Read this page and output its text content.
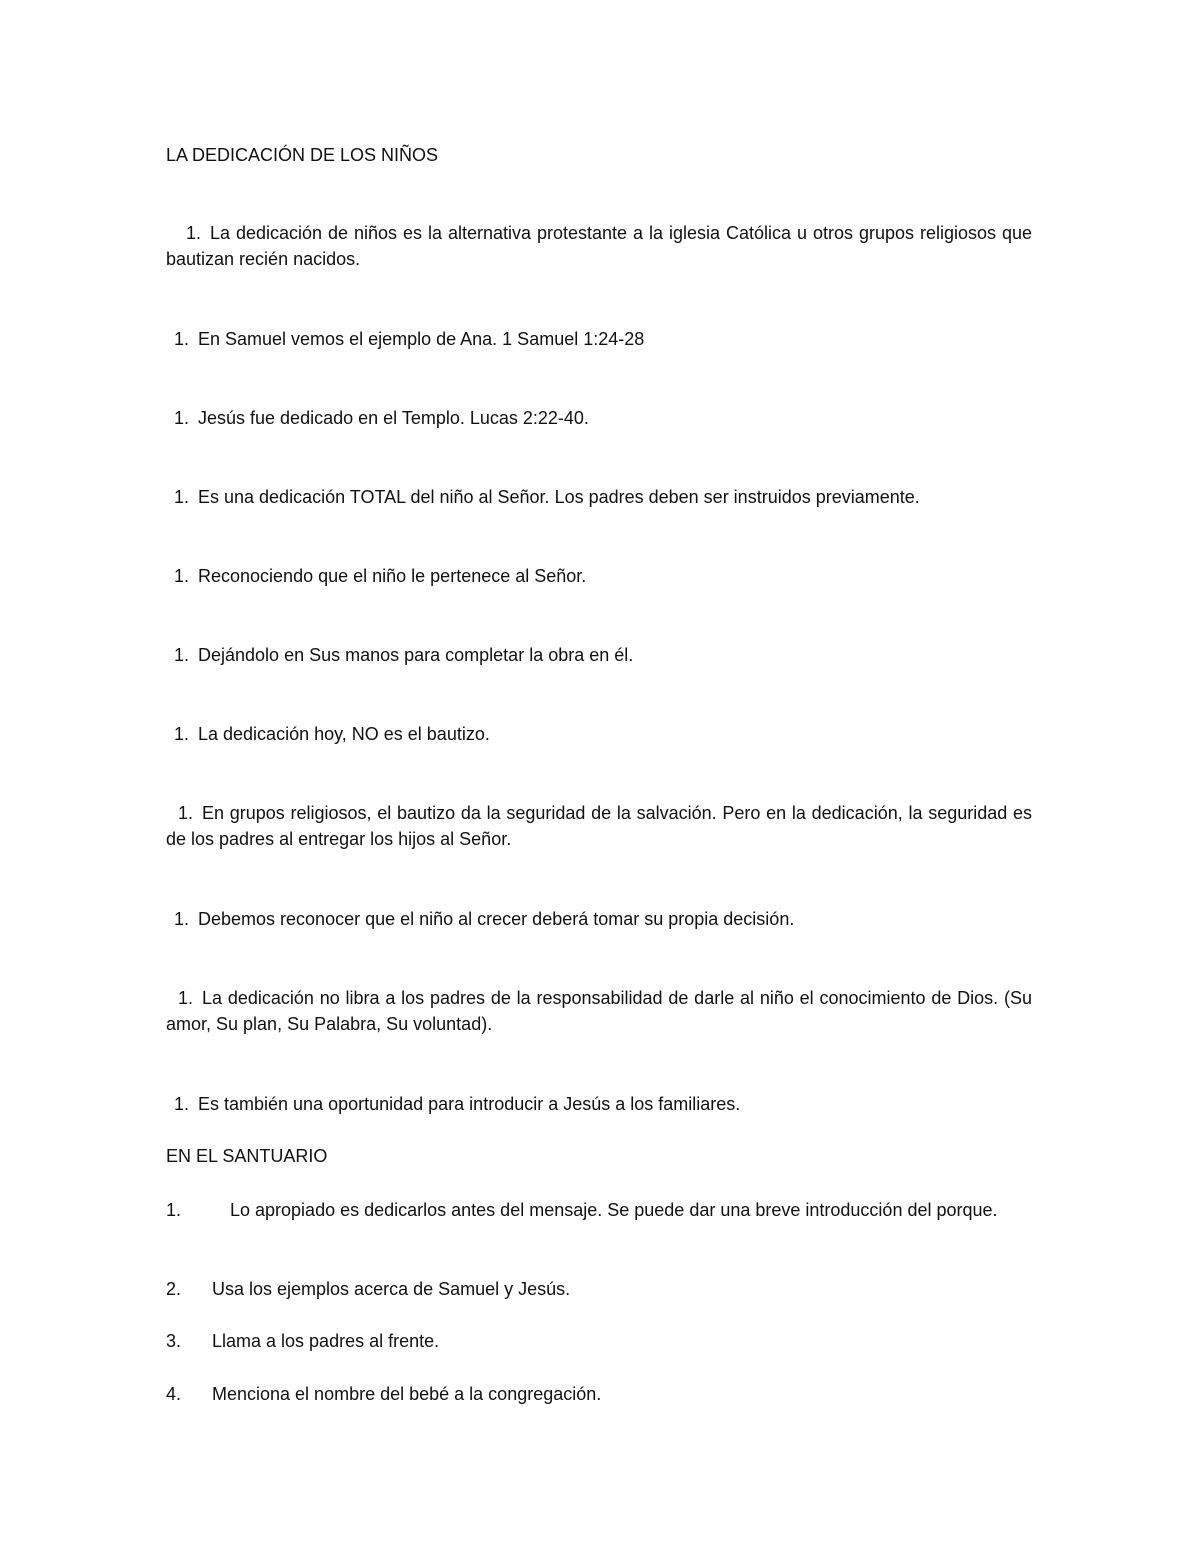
LA DEDICACIÓN DE LOS NIÑOS
1. La dedicación de niños es la alternativa protestante a la iglesia Católica u otros grupos religiosos que bautizan recién nacidos.
1. En Samuel vemos el ejemplo de Ana. 1 Samuel 1:24-28
1. Jesús fue dedicado en el Templo. Lucas 2:22-40.
1. Es una dedicación TOTAL del niño al Señor. Los padres deben ser instruidos previamente.
1. Reconociendo que el niño le pertenece al Señor.
1. Dejándolo en Sus manos para completar la obra en él.
1. La dedicación hoy, NO es el bautizo.
1. En grupos religiosos, el bautizo da la seguridad de la salvación. Pero en la dedicación, la seguridad es de los padres al entregar los hijos al Señor.
1. Debemos reconocer que el niño al crecer deberá tomar su propia decisión.
1. La dedicación no libra a los padres de la responsabilidad de darle al niño el conocimiento de Dios. (Su amor, Su plan, Su Palabra, Su voluntad).
1. Es también una oportunidad para introducir a Jesús a los familiares.
EN EL SANTUARIO
1.	Lo apropiado es dedicarlos antes del mensaje. Se puede dar una breve introducción del porque.
2. Usa los ejemplos acerca de Samuel y Jesús.
3. Llama a los padres al frente.
4. Menciona el nombre del bebé a la congregación.
